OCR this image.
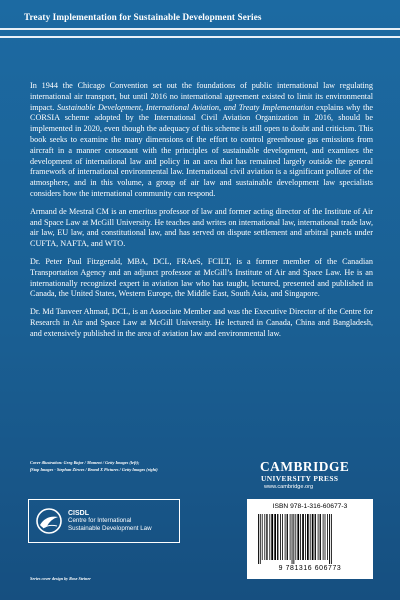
Treaty Implementation for Sustainable Development Series

In 1944 the Chicago Convention set out the foundations of public international law regulating international air transport, but until 2016 no international agreement existed to limit its environmental impact. Sustainable Development, International Aviation, and Treaty Implementation explains why the CORSIA scheme adopted by the International Civil Aviation Organization in 2016, should be implemented in 2020, even though the adequacy of this scheme is still open to doubt and criticism. This book seeks to examine the many dimensions of the effort to control greenhouse gas emissions from aircraft in a manner consonant with the principles of sustainable development, and examines the development of international law and policy in an area that has remained largely outside the general framework of international environmental law. International civil aviation is a significant polluter of the atmosphere, and in this volume, a group of air law and sustainable development law specialists considers how the international community can respond.

Armand de Mestral CM is an emeritus professor of law and former acting director of the Institute of Air and Space Law at McGill University. He teaches and writes on international law, international trade law, air law, EU law, and constitutional law, and has served on dispute settlement and arbitral panels under CUFTA, NAFTA, and WTO.

Dr. Peter Paul Fitzgerald, MBA, DCL, FRAeS, FCILT, is a former member of the Canadian Transportation Agency and an adjunct professor at McGill’s Institute of Air and Space Law. He is an internationally recognized expert in aviation law who has taught, lectured, presented and published in Canada, the United States, Western Europe, the Middle East, South Asia, and Singapore.

Dr. Md Tanveer Ahmad, DCL, is an Associate Member and was the Executive Director of the Centre for Research in Air and Space Law at McGill University. He lectured in Canada, China and Bangladesh, and extensively published in the area of aviation law and environmental law.

Cover illustration: Greg Bajor / Moment / Getty Images (left);
fStop Images - Stephan Zirwes / Brand X Pictures / Getty Images (right)
CISDL
Centre for International
Sustainable Development Law
Series cover design by Rose Steiner
CAMBRIDGE
UNIVERSITY PRESS
www.cambridge.org
ISBN 978-1-316-60677-3
9 781316 606773
